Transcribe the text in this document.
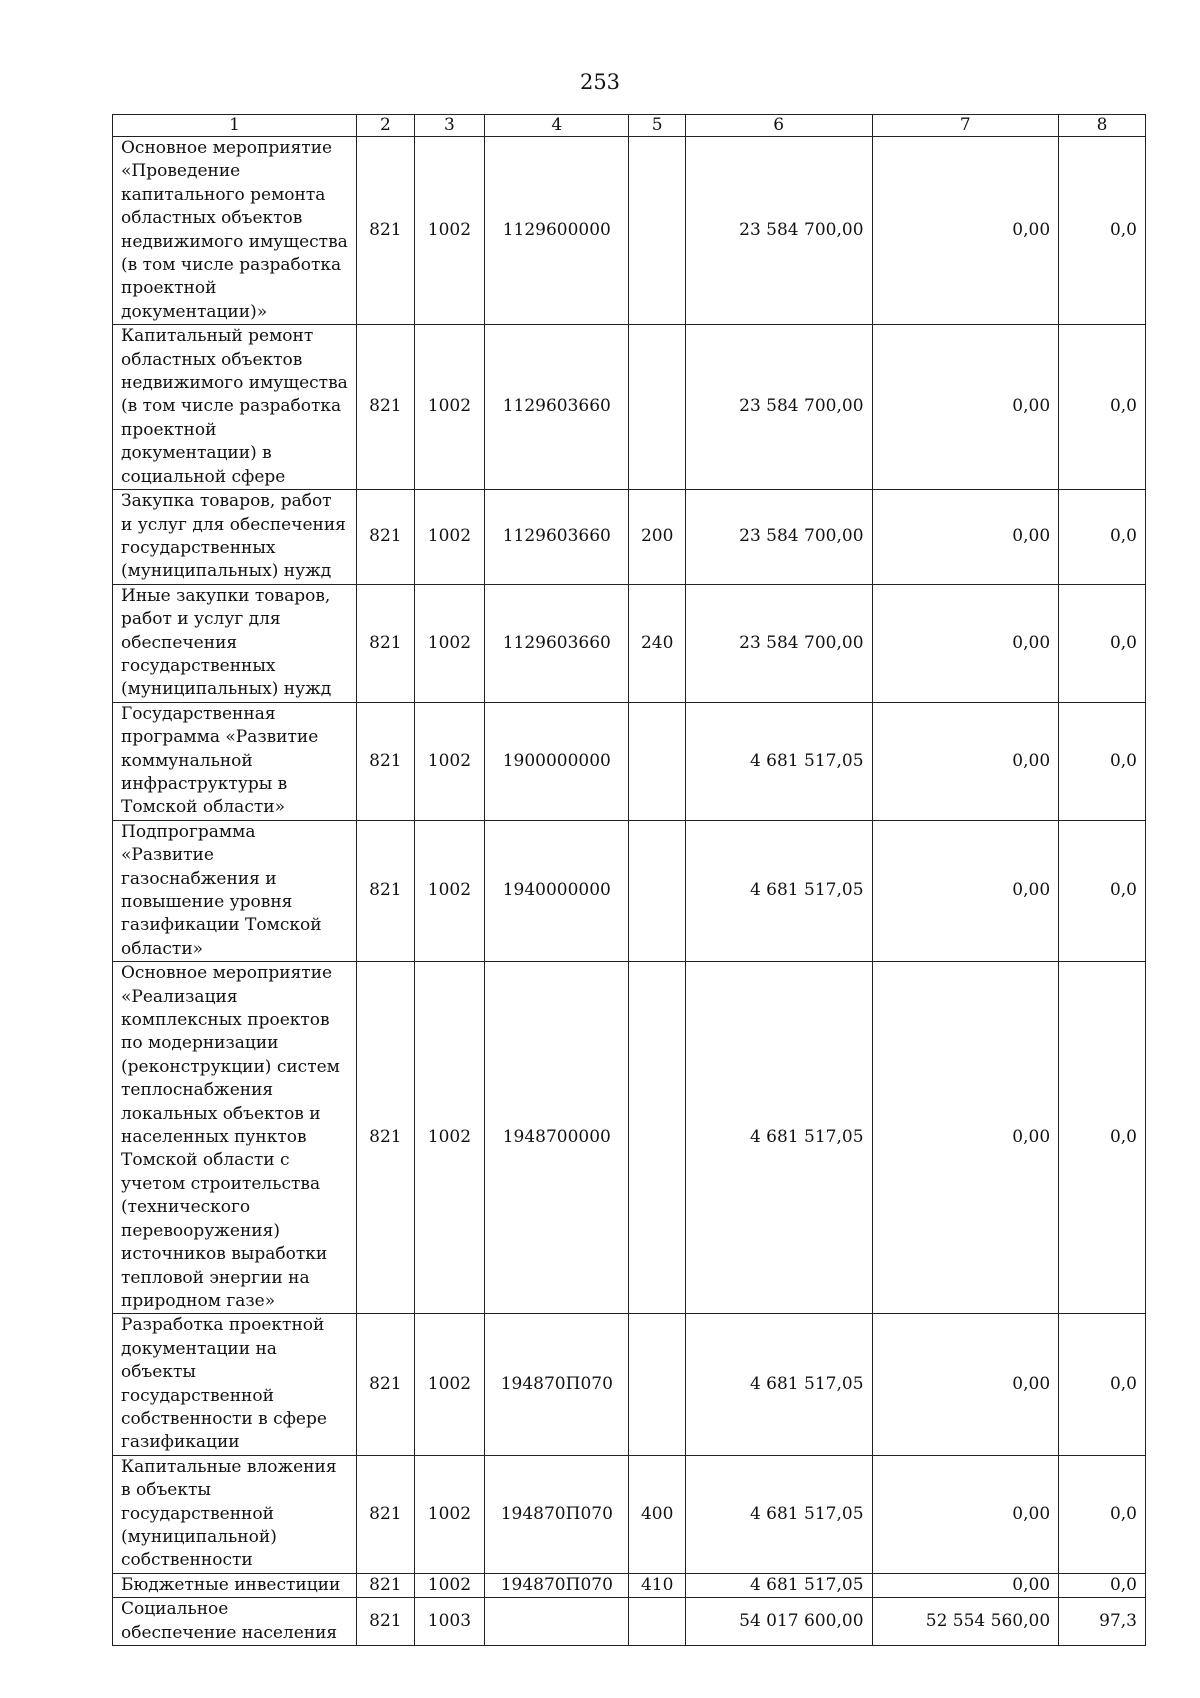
253
1	2	3	4	5	6	7	8
Основное мероприятие «Проведение капитального ремонта областных объектов недвижимого имущества (в том числе разработка проектной документации)»	821	1002	1129600000		23 584 700,00	0,00	0,0
Капитальный ремонт областных объектов недвижимого имущества (в том числе разработка проектной документации) в социальной сфере	821	1002	1129603660		23 584 700,00	0,00	0,0
Закупка товаров, работ и услуг для обеспечения государственных (муниципальных) нужд	821	1002	1129603660	200	23 584 700,00	0,00	0,0
Иные закупки товаров, работ и услуг для обеспечения государственных (муниципальных) нужд	821	1002	1129603660	240	23 584 700,00	0,00	0,0
Государственная программа «Развитие коммунальной инфраструктуры в Томской области»	821	1002	1900000000		4 681 517,05	0,00	0,0
Подпрограмма «Развитие газоснабжения и повышение уровня газификации Томской области»	821	1002	1940000000		4 681 517,05	0,00	0,0
Основное мероприятие «Реализация комплексных проектов по модернизации (реконструкции) систем теплоснабжения локальных объектов и населенных пунктов Томской области с учетом строительства (технического перевооружения) источников выработки тепловой энергии на природном газе»	821	1002	1948700000		4 681 517,05	0,00	0,0
Разработка проектной документации на объекты государственной собственности в сфере газификации	821	1002	194870П070		4 681 517,05	0,00	0,0
Капитальные вложения в объекты государственной (муниципальной) собственности	821	1002	194870П070	400	4 681 517,05	0,00	0,0
Бюджетные инвестиции	821	1002	194870П070	410	4 681 517,05	0,00	0,0
Социальное обеспечение населения	821	1003			54 017 600,00	52 554 560,00	97,3
